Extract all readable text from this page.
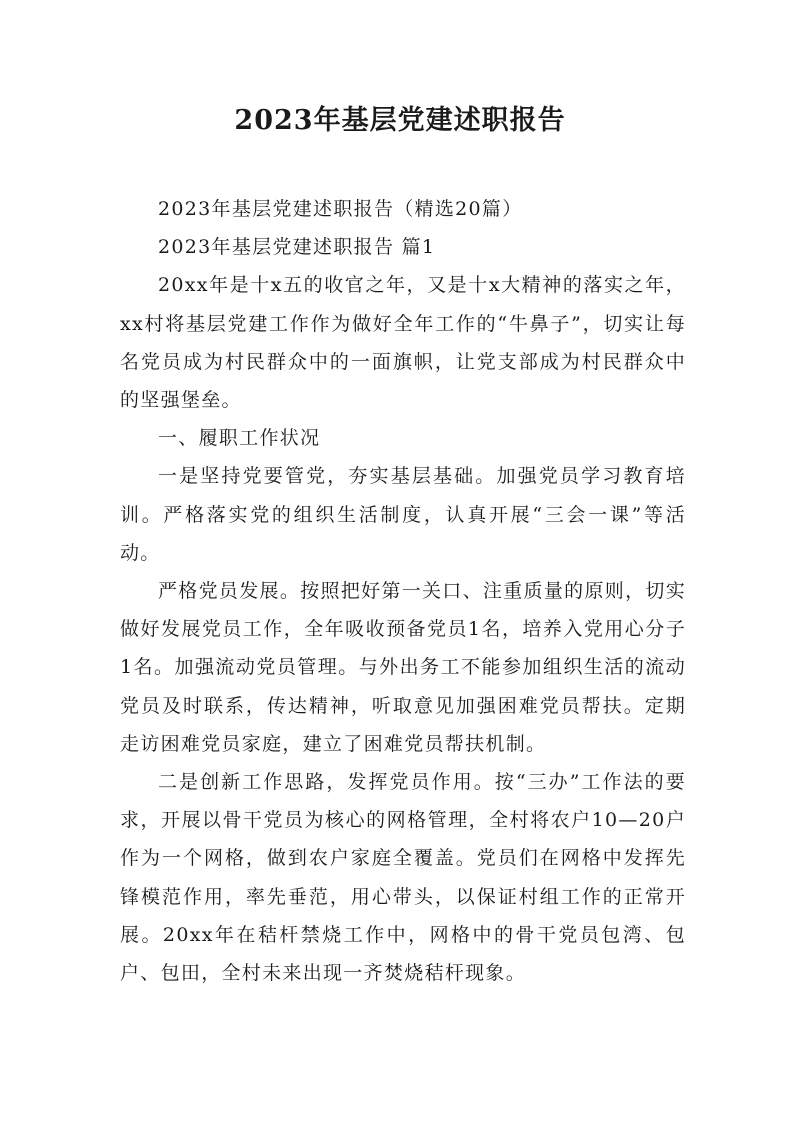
2023年基层党建述职报告

2023年基层党建述职报告（精选20篇）

2023年基层党建述职报告 篇1

20xx年是十x五的收官之年，又是十x大精神的落实之年，xx村将基层党建工作作为做好全年工作的“牛鼻子”，切实让每名党员成为村民群众中的一面旗帜，让党支部成为村民群众中的坚强堡垒。

一、履职工作状况

一是坚持党要管党，夯实基层基础。加强党员学习教育培训。严格落实党的组织生活制度，认真开展“三会一课”等活动。

严格党员发展。按照把好第一关口、注重质量的原则，切实做好发展党员工作，全年吸收预备党员1名，培养入党用心分子1名。加强流动党员管理。与外出务工不能参加组织生活的流动党员及时联系，传达精神，听取意见加强困难党员帮扶。定期走访困难党员家庭，建立了困难党员帮扶机制。

二是创新工作思路，发挥党员作用。按“三办”工作法的要求，开展以骨干党员为核心的网格管理，全村将农户10—20户作为一个网格，做到农户家庭全覆盖。党员们在网格中发挥先锋模范作用，率先垂范，用心带头，以保证村组工作的正常开展。20xx年在秸杆禁烧工作中，网格中的骨干党员包湾、包户、包田，全村未来出现一齐焚烧秸杆现象。
